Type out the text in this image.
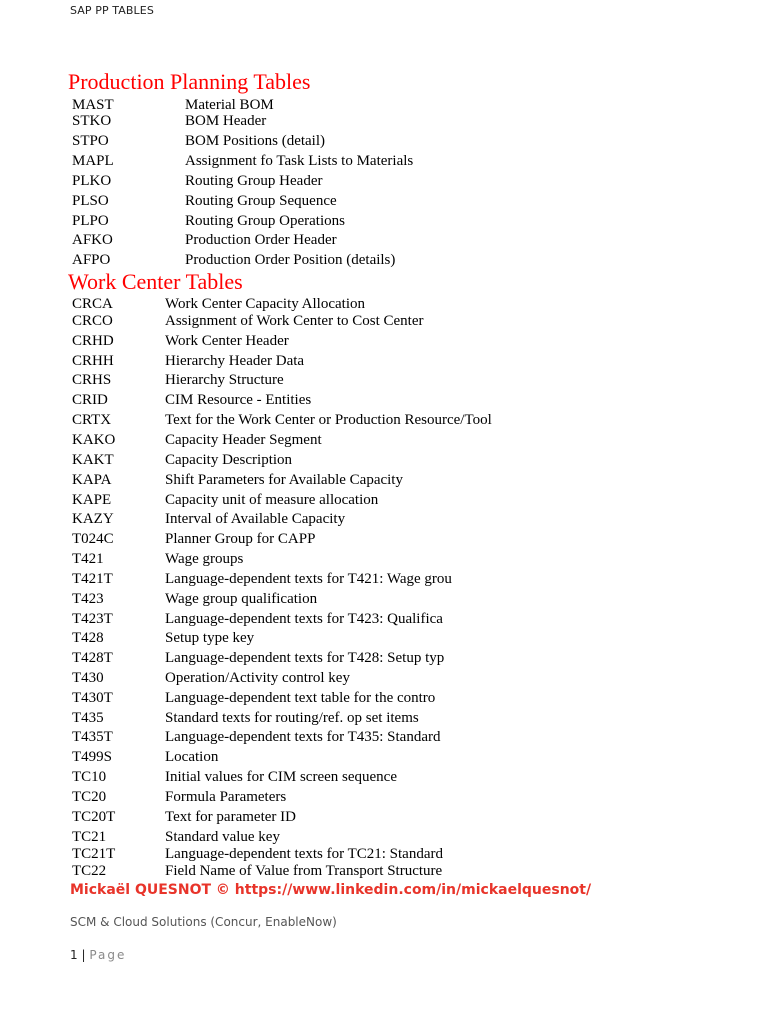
SAP PP TABLES
Production Planning Tables
MAST	Material BOM
STKO	BOM Header
STPO	BOM Positions (detail)
MAPL	Assignment fo Task Lists to Materials
PLKO	Routing Group Header
PLSO	Routing Group Sequence
PLPO	Routing Group Operations
AFKO	Production Order Header
AFPO	Production Order Position (details)
Work Center Tables
CRCA	Work Center Capacity Allocation
CRCO	Assignment of Work Center to Cost Center
CRHD	Work Center Header
CRHH	Hierarchy Header Data
CRHS	Hierarchy Structure
CRID	CIM Resource - Entities
CRTX	Text for the Work Center or Production Resource/Tool
KAKO	Capacity Header Segment
KAKT	Capacity Description
KAPA	Shift Parameters for Available Capacity
KAPE	Capacity unit of measure allocation
KAZY	Interval of Available Capacity
T024C	Planner Group for CAPP
T421	Wage groups
T421T	Language-dependent texts for T421: Wage grou
T423	Wage group qualification
T423T	Language-dependent texts for T423: Qualifica
T428	Setup type key
T428T	Language-dependent texts for T428: Setup typ
T430	Operation/Activity control key
T430T	Language-dependent text table for the contro
T435	Standard texts for routing/ref. op set items
T435T	Language-dependent texts for T435: Standard
T499S	Location
TC10	Initial values for CIM screen sequence
TC20	Formula Parameters
TC20T	Text for parameter ID
TC21	Standard value key
TC21T	Language-dependent texts for TC21: Standard
TC22	Field Name of Value from Transport Structure
Mickaël QUESNOT © https://www.linkedin.com/in/mickaelquesnot/
SCM & Cloud Solutions (Concur, EnableNow)
1 | Page
